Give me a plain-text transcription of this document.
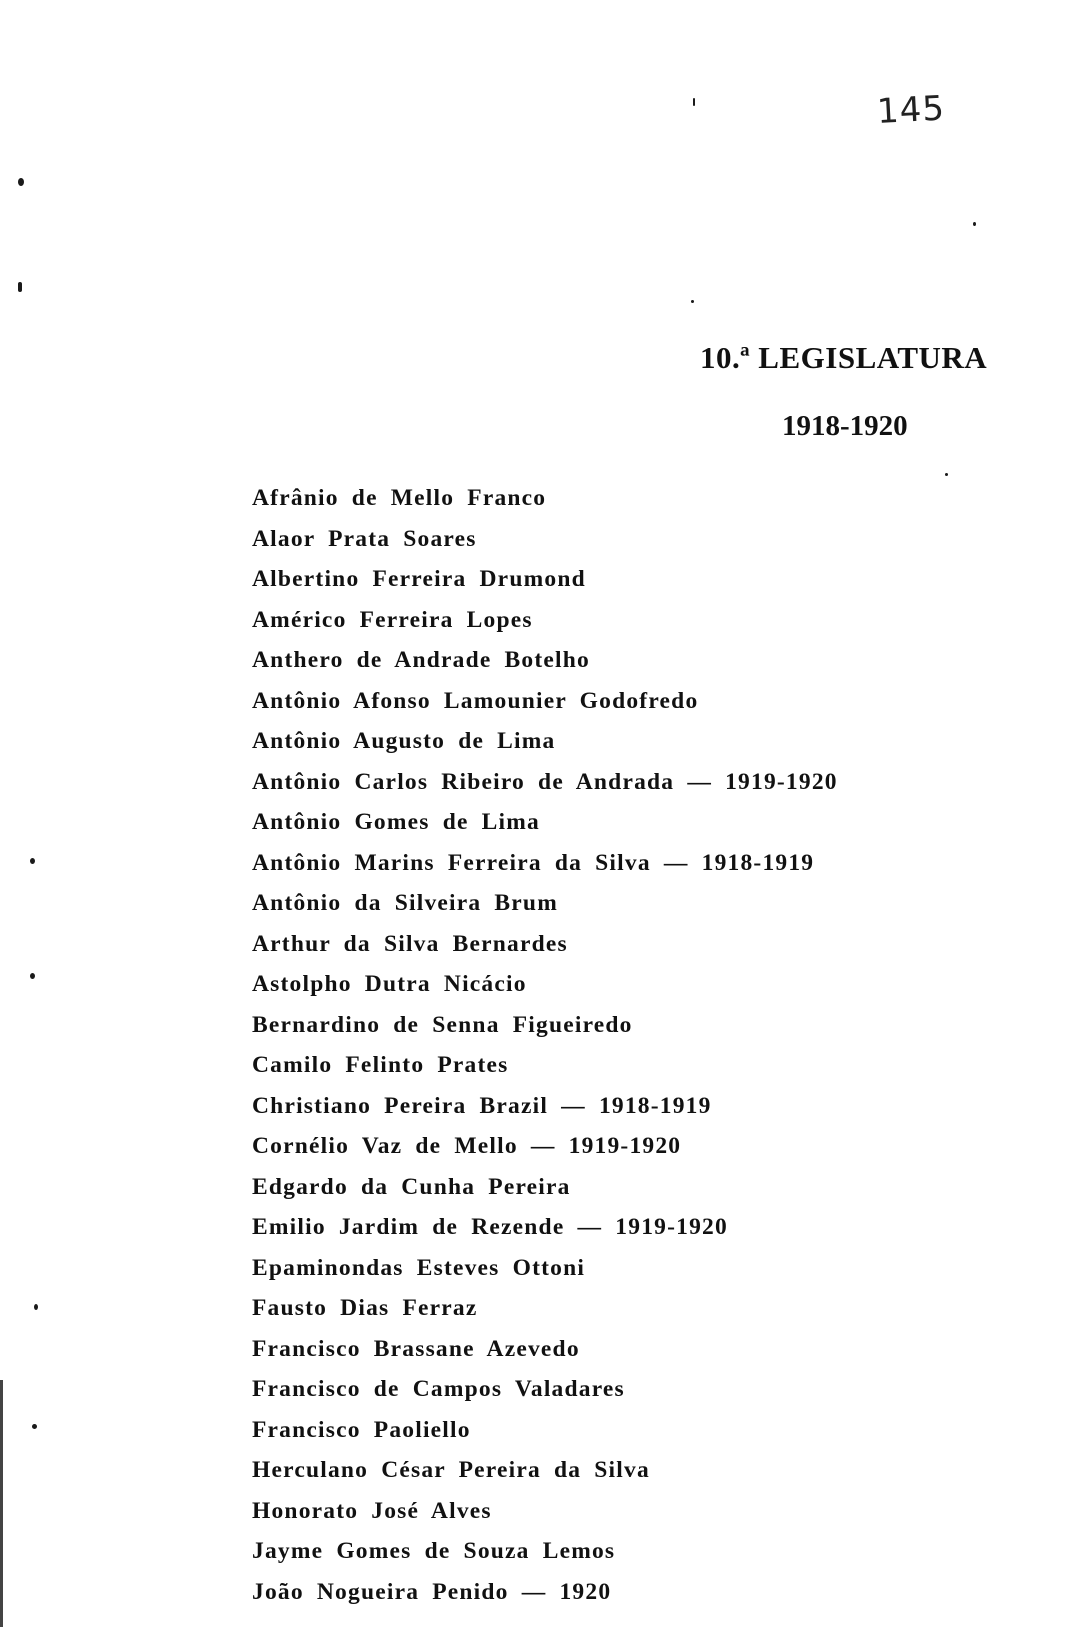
145
10.ª LEGISLATURA
1918-1920
Afrânio de Mello Franco
Alaor Prata Soares
Albertino Ferreira Drumond
Américo Ferreira Lopes
Anthero de Andrade Botelho
Antônio Afonso Lamounier Godofredo
Antônio Augusto de Lima
Antônio Carlos Ribeiro de Andrada — 1919-1920
Antônio Gomes de Lima
Antônio Marins Ferreira da Silva — 1918-1919
Antônio da Silveira Brum
Arthur da Silva Bernardes
Astolpho Dutra Nicácio
Bernardino de Senna Figueiredo
Camilo Felinto Prates
Christiano Pereira Brazil — 1918-1919
Cornélio Vaz de Mello — 1919-1920
Edgardo da Cunha Pereira
Emilio Jardim de Rezende — 1919-1920
Epaminondas Esteves Ottoni
Fausto Dias Ferraz
Francisco Brassane Azevedo
Francisco de Campos Valadares
Francisco Paoliello
Herculano César Pereira da Silva
Honorato José Alves
Jayme Gomes de Souza Lemos
João Nogueira Penido — 1920
